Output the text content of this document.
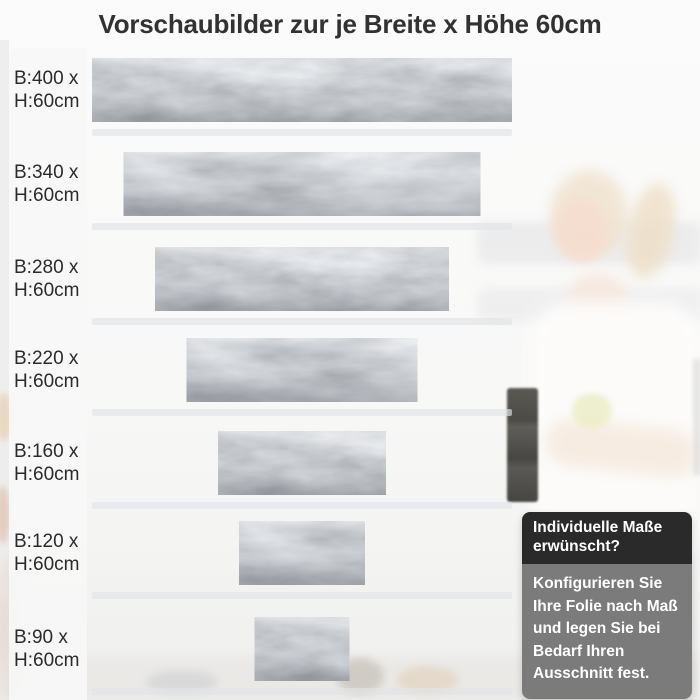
Vorschaubilder zur je Breite x Höhe 60cm
B:400 x
H:60cm
B:340 x
H:60cm
B:280 x
H:60cm
B:220 x
H:60cm
B:160 x
H:60cm
B:120 x
H:60cm
B:90 x
H:60cm
Individuelle Maße erwünscht?
Konfigurieren Sie Ihre Folie nach Maß und legen Sie bei Bedarf Ihren Ausschnitt fest.
